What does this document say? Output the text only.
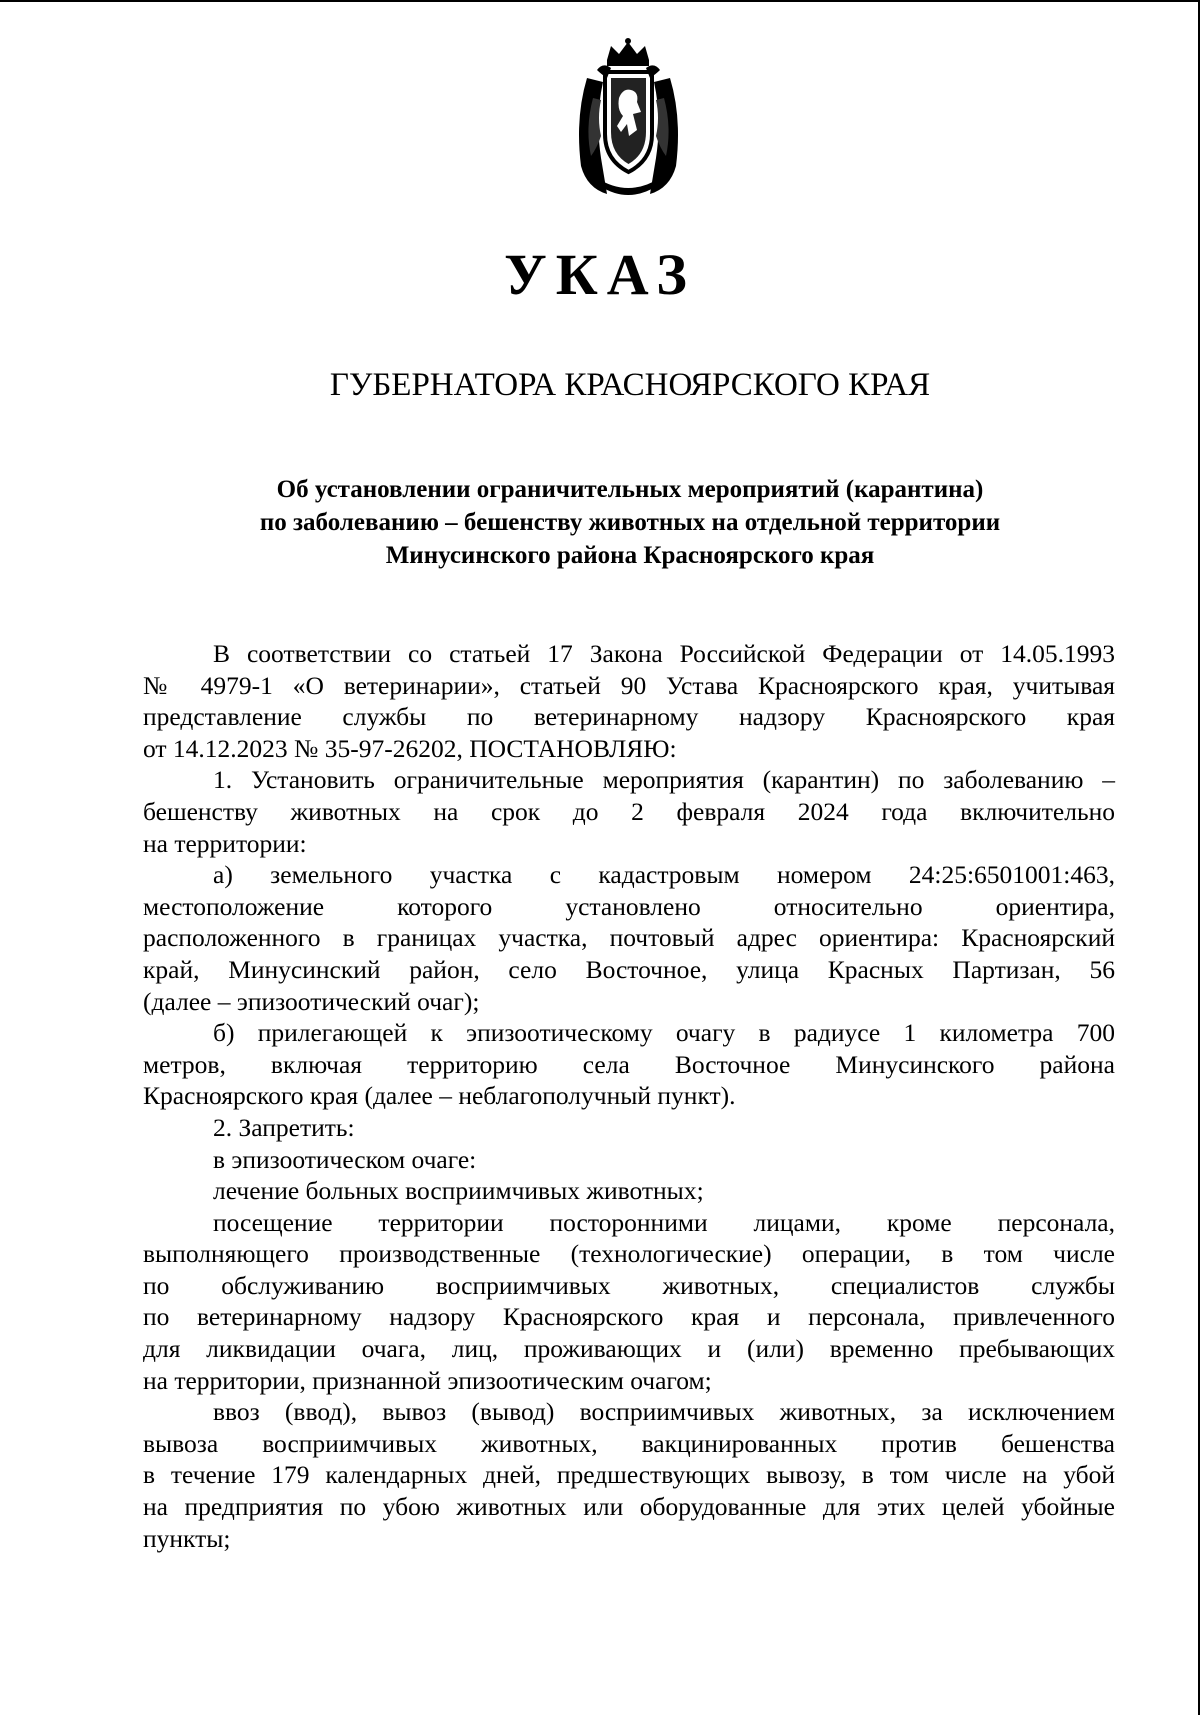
УКАЗ
ГУБЕРНАТОРА КРАСНОЯРСКОГО КРАЯ
Об установлении ограничительных мероприятий (карантина)
по заболеванию – бешенству животных на отдельной территории
Минусинского района Красноярского края
В соответствии со статьей 17 Закона Российской Федерации от 14.05.1993
№ 4979-1 «О ветеринарии», статьей 90 Устава Красноярского края, учитывая
представление службы по ветеринарному надзору Красноярского края
от 14.12.2023 № 35-97-26202, ПОСТАНОВЛЯЮ:
1. Установить ограничительные мероприятия (карантин) по заболеванию –
бешенству животных на срок до 2 февраля 2024 года включительно
на территории:
а) земельного участка с кадастровым номером 24:25:6501001:463,
местоположение которого установлено относительно ориентира,
расположенного в границах участка, почтовый адрес ориентира: Красноярский
край, Минусинский район, село Восточное, улица Красных Партизан, 56
(далее – эпизоотический очаг);
б) прилегающей к эпизоотическому очагу в радиусе 1 километра 700
метров, включая территорию села Восточное Минусинского района
Красноярского края (далее – неблагополучный пункт).
2. Запретить:
в эпизоотическом очаге:
лечение больных восприимчивых животных;
посещение территории посторонними лицами, кроме персонала,
выполняющего производственные (технологические) операции, в том числе
по обслуживанию восприимчивых животных, специалистов службы
по ветеринарному надзору Красноярского края и персонала, привлеченного
для ликвидации очага, лиц, проживающих и (или) временно пребывающих
на территории, признанной эпизоотическим очагом;
ввоз (ввод), вывоз (вывод) восприимчивых животных, за исключением
вывоза восприимчивых животных, вакцинированных против бешенства
в течение 179 календарных дней, предшествующих вывозу, в том числе на убой
на предприятия по убою животных или оборудованные для этих целей убойные
пункты;
